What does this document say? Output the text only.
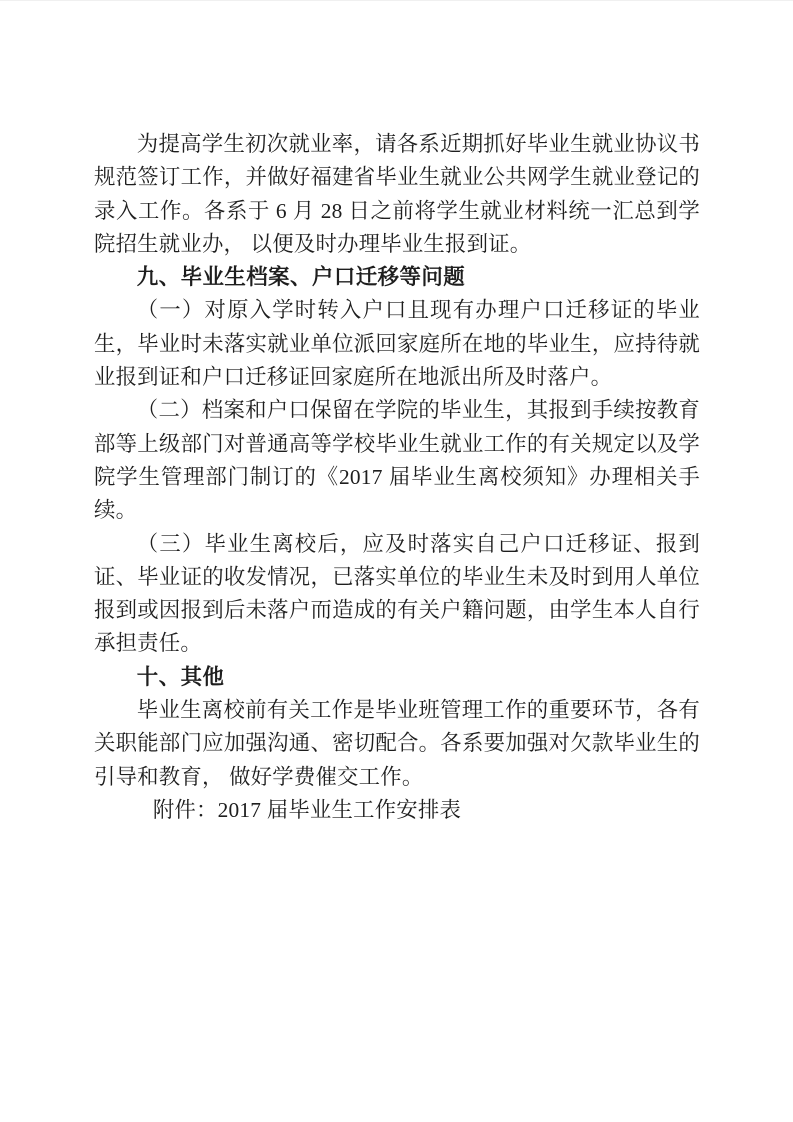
为提高学生初次就业率，请各系近期抓好毕业生就业协议书规范签订工作，并做好福建省毕业生就业公共网学生就业登记的录入工作。各系于 6 月 28 日之前将学生就业材料统一汇总到学院招生就业办， 以便及时办理毕业生报到证。

九、毕业生档案、户口迁移等问题

（一）对原入学时转入户口且现有办理户口迁移证的毕业生，毕业时未落实就业单位派回家庭所在地的毕业生，应持待就业报到证和户口迁移证回家庭所在地派出所及时落户。

（二）档案和户口保留在学院的毕业生，其报到手续按教育部等上级部门对普通高等学校毕业生就业工作的有关规定以及学院学生管理部门制订的《2017 届毕业生离校须知》办理相关手续。

（三）毕业生离校后，应及时落实自己户口迁移证、报到证、毕业证的收发情况，已落实单位的毕业生未及时到用人单位报到或因报到后未落户而造成的有关户籍问题，由学生本人自行承担责任。

十、其他

毕业生离校前有关工作是毕业班管理工作的重要环节，各有关职能部门应加强沟通、密切配合。各系要加强对欠款毕业生的引导和教育， 做好学费催交工作。

附件：2017 届毕业生工作安排表
